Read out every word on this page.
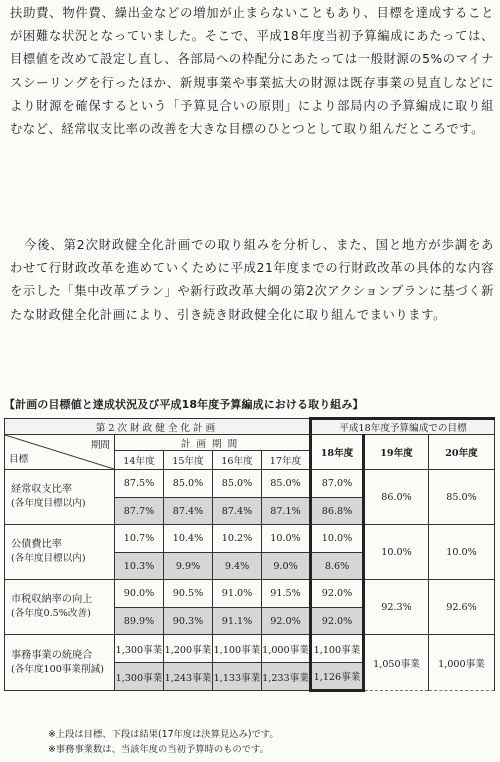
扶助費、物件費、繰出金などの増加が止まらないこともあり、目標を達成することが困難な状況となっていました。そこで、平成18年度当初予算編成にあたっては、目標値を改めて設定し直し、各部局への枠配分にあたっては一般財源の5%のマイナスシーリングを行ったほか、新規事業や事業拡大の財源は既存事業の見直しなどにより財源を確保するという「予算見合いの原則」により部局内の予算編成に取り組むなど、経常収支比率の改善を大きな目標のひとつとして取り組んだところです。

今後、第2次財政健全化計画での取り組みを分析し、また、国と地方が歩調をあわせて行財政改革を進めていくために平成21年度までの行財政改革の具体的な内容を示した「集中改革プラン」や新行政改革大綱の第2次アクションプランに基づく新たな財政健全化計画により、引き続き財政健全化に取り組んでまいります。

【計画の目標値と達成状況及び平成18年度予算編成における取り組み】

第2次財政健全化計画					平成18年度予算編成での目標		

期間
目標	計画期間				18年度	19年度	20年度
	14年度	15年度	16年度	17年度			
経常収支比率
(各年度目標以内)	87.5%	85.0%	85.0%	85.0%	87.0%	86.0%	85.0%
	87.7%	87.4%	87.4%	87.1%	86.8%		
公債費比率
(各年度目標以内)	10.7%	10.4%	10.2%	10.0%	10.0%	10.0%	10.0%
	10.3%	9.9%	9.4%	9.0%	8.6%		
市税収納率の向上
(各年度0.5%改善)	90.0%	90.5%	91.0%	91.5%	92.0%	92.3%	92.6%
	89.9%	90.3%	91.1%	92.0%	92.0%		
事務事業の統廃合
(各年度100事業削減)	1,300事業	1,200事業	1,100事業	1,000事業	1,100事業	1,050事業	1,000事業
	1,300事業	1,243事業	1,133事業	1,233事業	1,126事業		
※上段は目標、下段は結果(17年度は決算見込み)です。
※事務事業数は、当該年度の当初予算時のものです。
